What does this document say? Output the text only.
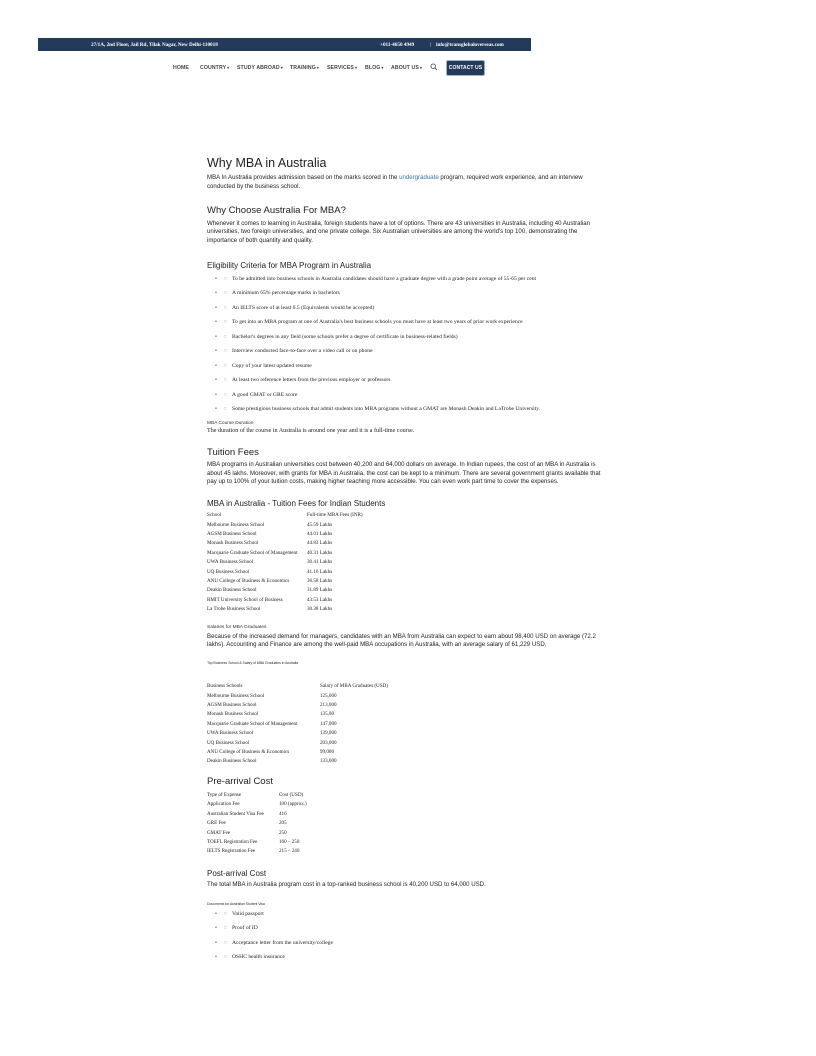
27/1A, 2nd Floor, Jail Rd, Tilak Nagar, New Delhi-110018	+011-4650 4949	| info@transglobaloverseas.com
HOME COUNTRY▾ STUDY ABROAD▾ TRAINING▾ SERVICES▾ BLOG▾ ABOUT US▾	CONTACT US
Why MBA in Australia
MBA In Australia provides admission based on the marks scored in the undergraduate program, required work experience, and an interview conducted by the business school.
Why Choose Australia For MBA?
Whenever it comes to learning in Australia, foreign students have a lot of options. There are 43 universities in Australia, including 40 Australian universities, two foreign universities, and one private college. Six Australian universities are among the world's top 100, demonstrating the importance of both quantity and quality.
Eligibility Criteria for MBA Program in Australia
• □ To be admitted into business schools in Australia candidates should have a graduate degree with a grade point average of 55-65 per cent
• □ A minimum 65% percentage marks in bachelors
• □ An IELTS score of at least 6.5 (Equivalents would be accepted)
• □ To get into an MBA program at one of Australia's best business schools you must have at least two years of prior work experience
• □ Bachelor's degrees in any field (some schools prefer a degree of certificate in business-related fields)
• □ Interview conducted face-to-face over a video call or on phone
• □ Copy of your latest updated resume
• □ At least two reference letters from the previous employer or professors
• □ A good GMAT or GRE score
• □ Some prestigious business schools that admit students into MBA programs without a GMAT are Monash Deakin and LaTrobe University.
MBA Course Duration
The duration of the course in Australia is around one year and it is a full-time course.
Tuition Fees
MBA programs in Australian universities cost between 40,200 and 64,000 dollars on average. In Indian rupees, the cost of an MBA in Australia is about 45 lakhs. Moreover, with grants for MBA in Australia, the cost can be kept to a minimum. There are several government grants available that pay up to 100% of your tuition costs, making higher teaching more accessible. You can even work part time to cover the expenses.
MBA in Australia - Tuition Fees for Indian Students
School	Full-time MBA Fees (INR)
Melbourne Business School	45.59 Lakhs
AGSM Business School	44.01 Lakhs
Monash Business School	44.83 Lakhs
Macquarie Graduate School of Management	40.31 Lakhs
UWA Business School	30.41 Lakhs
UQ Business School	41.16 Lakhs
ANU College of Business & Economics	36.58 Lakhs
Deakin Business School	31.89 Lakhs
RMIT University School of Business	43.53 Lakhs
La Trobe Business School	30.38 Lakhs
Salaries for MBA Graduates
Because of the increased demand for managers, candidates with an MBA from Australia can expect to earn about 98,400 USD on average (72.2 lakhs). Accounting and Finance are among the well-paid MBA occupations in Australia, with an average salary of 61,229 USD.
Top Business School & Salary of MBA Graduates in Australia
Business Schools	Salary of MBA Graduates (USD)
Melbourne Business School	125,000
AGSM Business School	213,000
Monash Business School	135,00
Macquarie Graduate School of Management	147,000
UWA Business School	139,000
UQ Business School	203,000
ANU College of Business & Economics	99,000
Deakin Business School	133,000
Pre-arrival Cost
Type of Expense	Cost (USD)
Application Fee	100 (approx.)
Australian Student Visa Fee	416
GRE Fee	205
GMAT Fee	250
TOEFL Registration Fee	160 – 250
IELTS Registration Fee	215 – 240
Post-arrival Cost
The total MBA in Australia program cost in a top-ranked business school is 40,200 USD to 64,000 USD.
Documents for Australian Student Visa
• □ Valid passport
• □ Proof of ID
• □ Acceptance letter from the university/college
• □ OSHC health insurance
